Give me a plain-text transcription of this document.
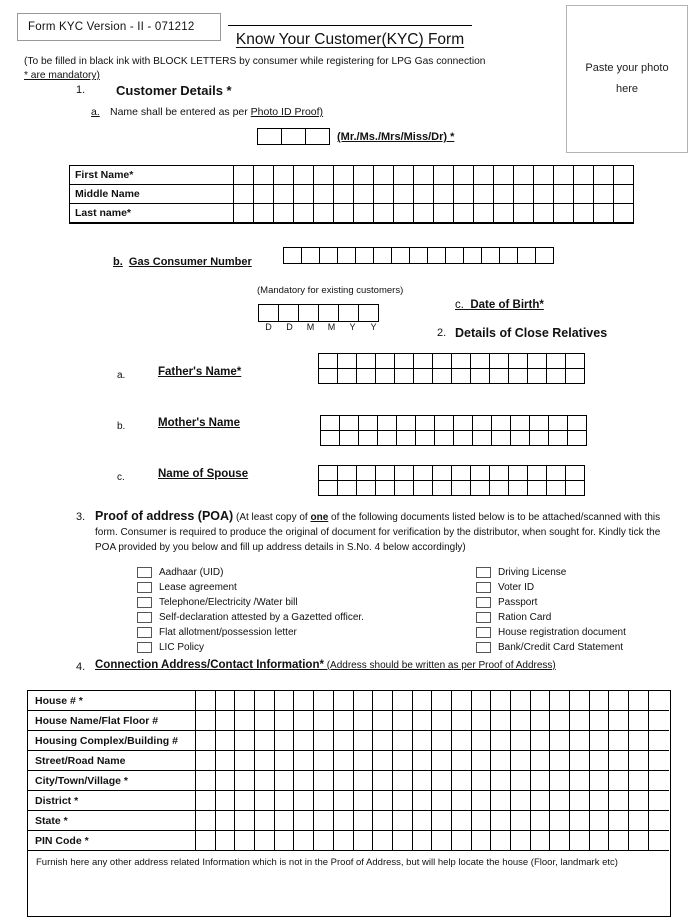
Form KYC Version - II - 071212
Know Your Customer(KYC) Form
(To be filled in black ink with BLOCK LETTERS by consumer while registering for LPG Gas connection
* are mandatory)
Paste your photo
here
1. Customer Details *
a. Name shall be entered as per Photo ID Proof)
(Mr./Ms./Mrs/Miss/Dr) *
First Name*
Middle Name
Last name*
b. Gas Consumer Number
(Mandatory for existing customers)
D	D	M	M	Y	Y
c. Date of Birth*
2. Details of Close Relatives
a.	Father's Name*
b.	Mother's Name
c.	Name of Spouse
3. Proof of address (POA) (At least copy of one of the following documents listed below is to be attached/scanned with this form. Consumer is required to produce the original of document for verification by the distributor, when sought for. Kindly tick the POA provided by you below and fill up address details in S.No. 4 below accordingly)
Aadhaar (UID)
Lease agreement
Telephone/Electricity /Water bill
Self-declaration attested by a Gazetted officer.
Flat allotment/possession letter
LIC Policy
Driving License
Voter ID
Passport
Ration Card
House registration document
Bank/Credit Card Statement
4. Connection Address/Contact Information* (Address should be written as per Proof of Address)
House # *
House Name/Flat Floor #
Housing Complex/Building #
Street/Road Name
City/Town/Village *
District *
State *
PIN Code *
Furnish here any other address related Information which is not in the Proof of Address, but will help locate the house (Floor, landmark etc)
